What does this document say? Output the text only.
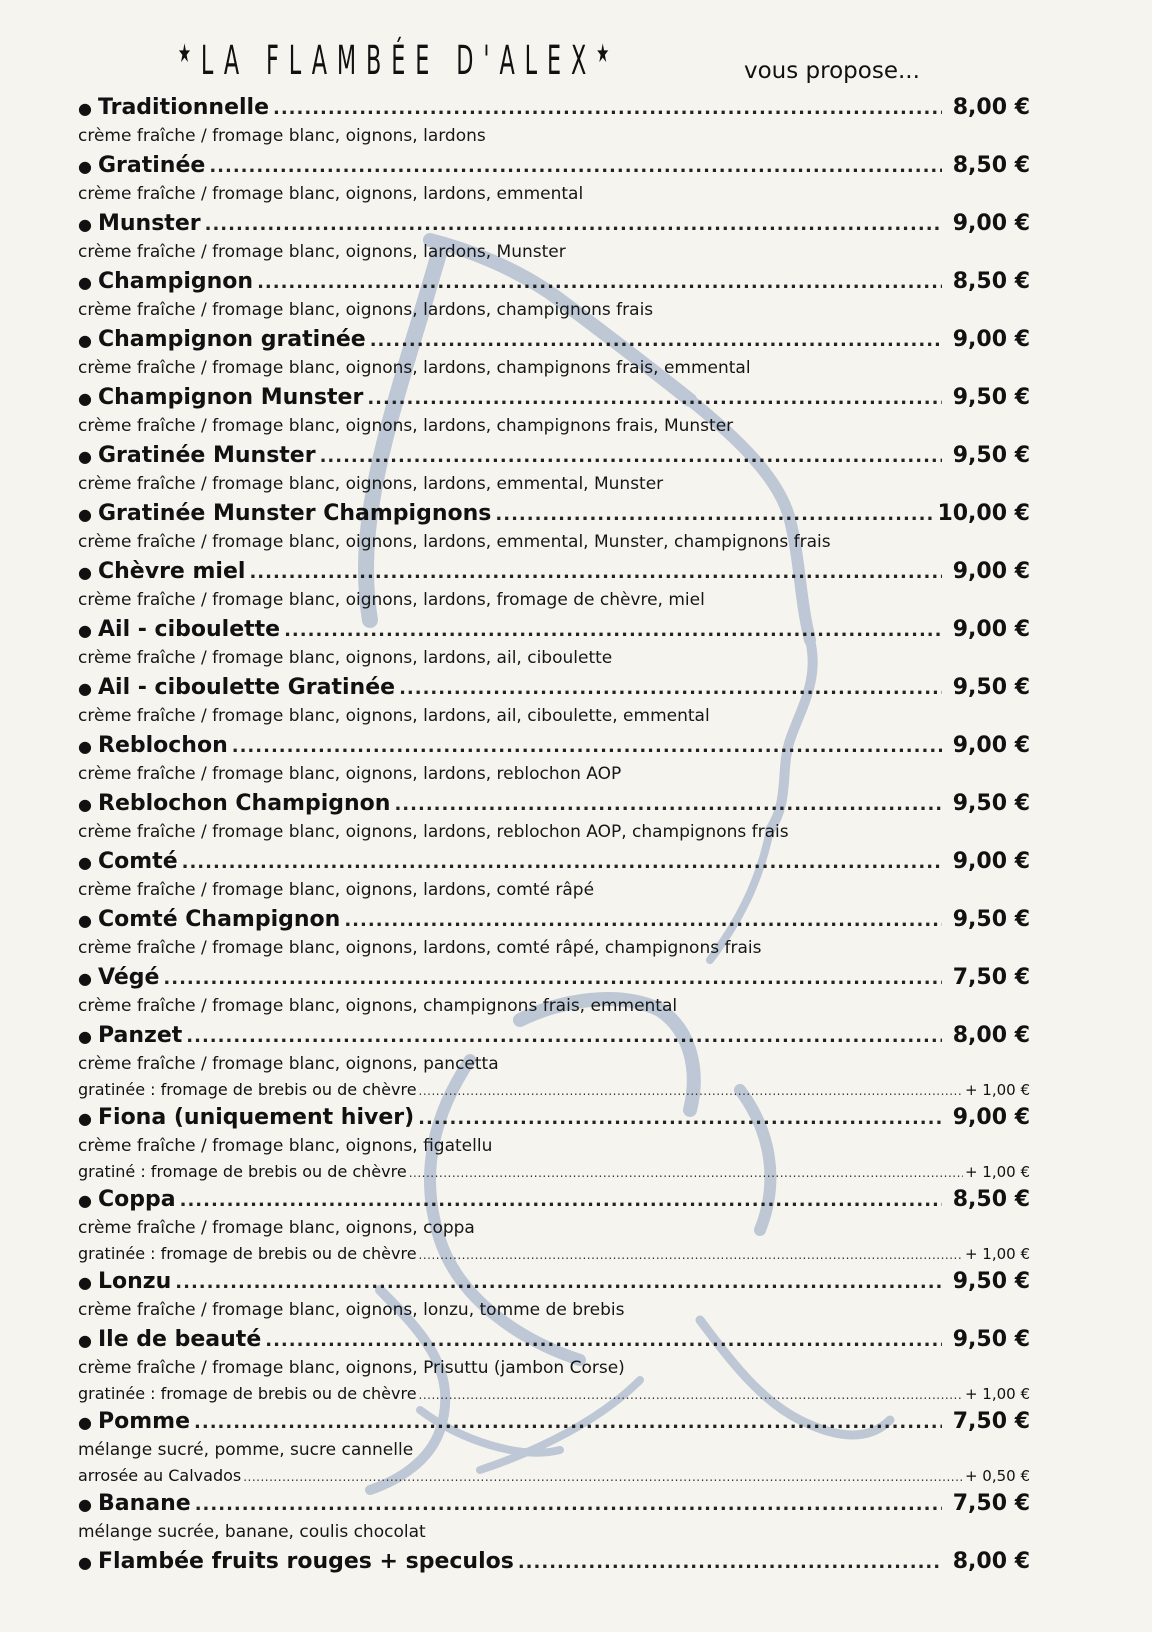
★LA FLAMBÉE D'ALEX★
vous propose...
● Traditionnelle .....	8,00 €
crème fraîche / fromage blanc, oignons, lardons
● Gratinée .....	8,50 €
crème fraîche / fromage blanc, oignons, lardons, emmental
● Munster .....	9,00 €
crème fraîche / fromage blanc, oignons, lardons, Munster
● Champignon .....	8,50 €
crème fraîche / fromage blanc, oignons, lardons, champignons frais
● Champignon gratinée .....	9,00 €
crème fraîche / fromage blanc, oignons, lardons, champignons frais, emmental
● Champignon Munster .....	9,50 €
crème fraîche / fromage blanc, oignons, lardons, champignons frais, Munster
● Gratinée Munster .....	9,50 €
crème fraîche / fromage blanc, oignons, lardons, emmental, Munster
● Gratinée Munster Champignons .....	10,00 €
crème fraîche / fromage blanc, oignons, lardons, emmental, Munster, champignons frais
● Chèvre miel .....	9,00 €
crème fraîche / fromage blanc, oignons, lardons, fromage de chèvre, miel
● Ail - ciboulette .....	9,00 €
crème fraîche / fromage blanc, oignons, lardons, ail, ciboulette
● Ail - ciboulette Gratinée .....	9,50 €
crème fraîche / fromage blanc, oignons, lardons, ail, ciboulette, emmental
● Reblochon .....	9,00 €
crème fraîche / fromage blanc, oignons, lardons, reblochon AOP
● Reblochon Champignon .....	9,50 €
crème fraîche / fromage blanc, oignons, lardons, reblochon AOP, champignons frais
● Comté .....	9,00 €
crème fraîche / fromage blanc, oignons, lardons, comté râpé
● Comté Champignon .....	9,50 €
crème fraîche / fromage blanc, oignons, lardons, comté râpé, champignons frais
● Végé .....	7,50 €
crème fraîche / fromage blanc, oignons, champignons frais, emmental
● Panzet .....	8,00 €
crème fraîche / fromage blanc, oignons, pancetta
gratinée : fromage de brebis ou de chèvre .....	+ 1,00 €
● Fiona (uniquement hiver) .....	9,00 €
crème fraîche / fromage blanc, oignons, figatellu
gratiné : fromage de brebis ou de chèvre .....	+ 1,00 €
● Coppa .....	8,50 €
crème fraîche / fromage blanc, oignons, coppa
gratinée : fromage de brebis ou de chèvre .....	+ 1,00 €
● Lonzu .....	9,50 €
crème fraîche / fromage blanc, oignons, lonzu, tomme de brebis
● Ile de beauté .....	9,50 €
crème fraîche / fromage blanc, oignons, Prisuttu (jambon Corse)
gratinée : fromage de brebis ou de chèvre .....	+ 1,00 €
● Pomme .....	7,50 €
mélange sucré, pomme, sucre cannelle
arrosée au Calvados .....	+ 0,50 €
● Banane .....	7,50 €
mélange sucrée, banane, coulis chocolat
● Flambée fruits rouges + speculos .....	8,00 €
